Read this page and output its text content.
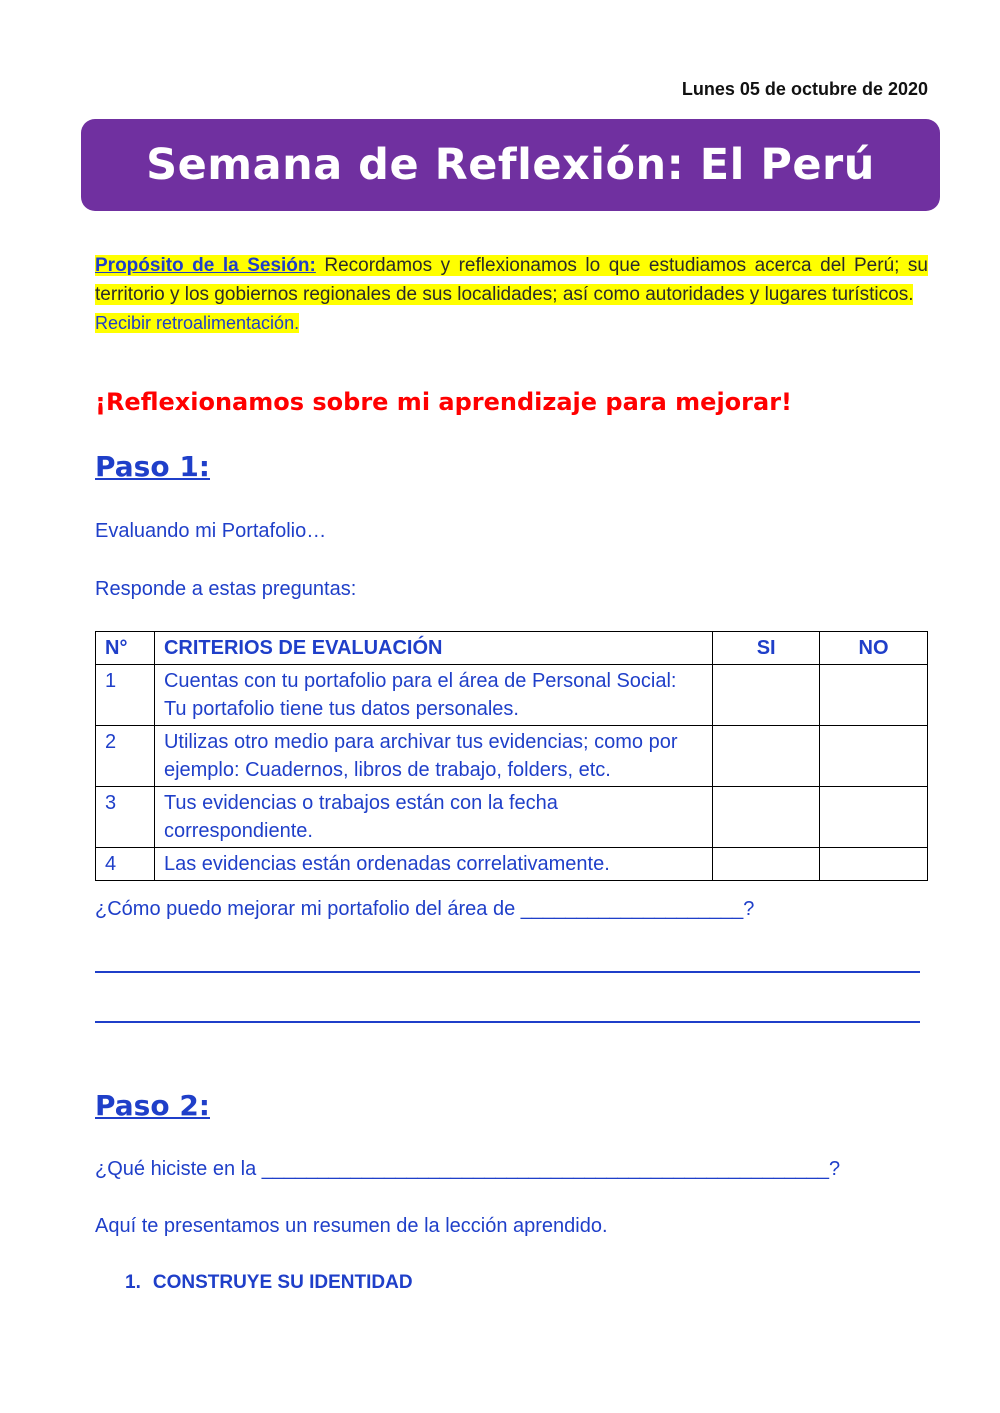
Lunes 05 de octubre de 2020
Semana de Reflexión: El Perú
Propósito de la Sesión: Recordamos y reflexionamos lo que estudiamos acerca del Perú; su territorio y los gobiernos regionales de sus localidades; así como autoridades y lugares turísticos.
Recibir retroalimentación.
¡Reflexionamos sobre mi aprendizaje para mejorar!
Paso 1:

Evaluando mi Portafolio…

Responde a estas preguntas:

N°	CRITERIOS DE EVALUACIÓN	SI	NO
1	Cuentas con tu portafolio para el área de Personal Social: Tu portafolio tiene tus datos personales.		
2	Utilizas otro medio para archivar tus evidencias; como por ejemplo: Cuadernos, libros de trabajo, folders, etc.		
3	Tus evidencias o trabajos están con la fecha correspondiente.		
4	Las evidencias están ordenadas correlativamente.		

¿Cómo puedo mejorar mi portafolio del área de ____________________?

Paso 2:

¿Qué hiciste en la ___________________________________________________?

Aquí te presentamos un resumen de la lección aprendido.

1. CONSTRUYE SU IDENTIDAD
